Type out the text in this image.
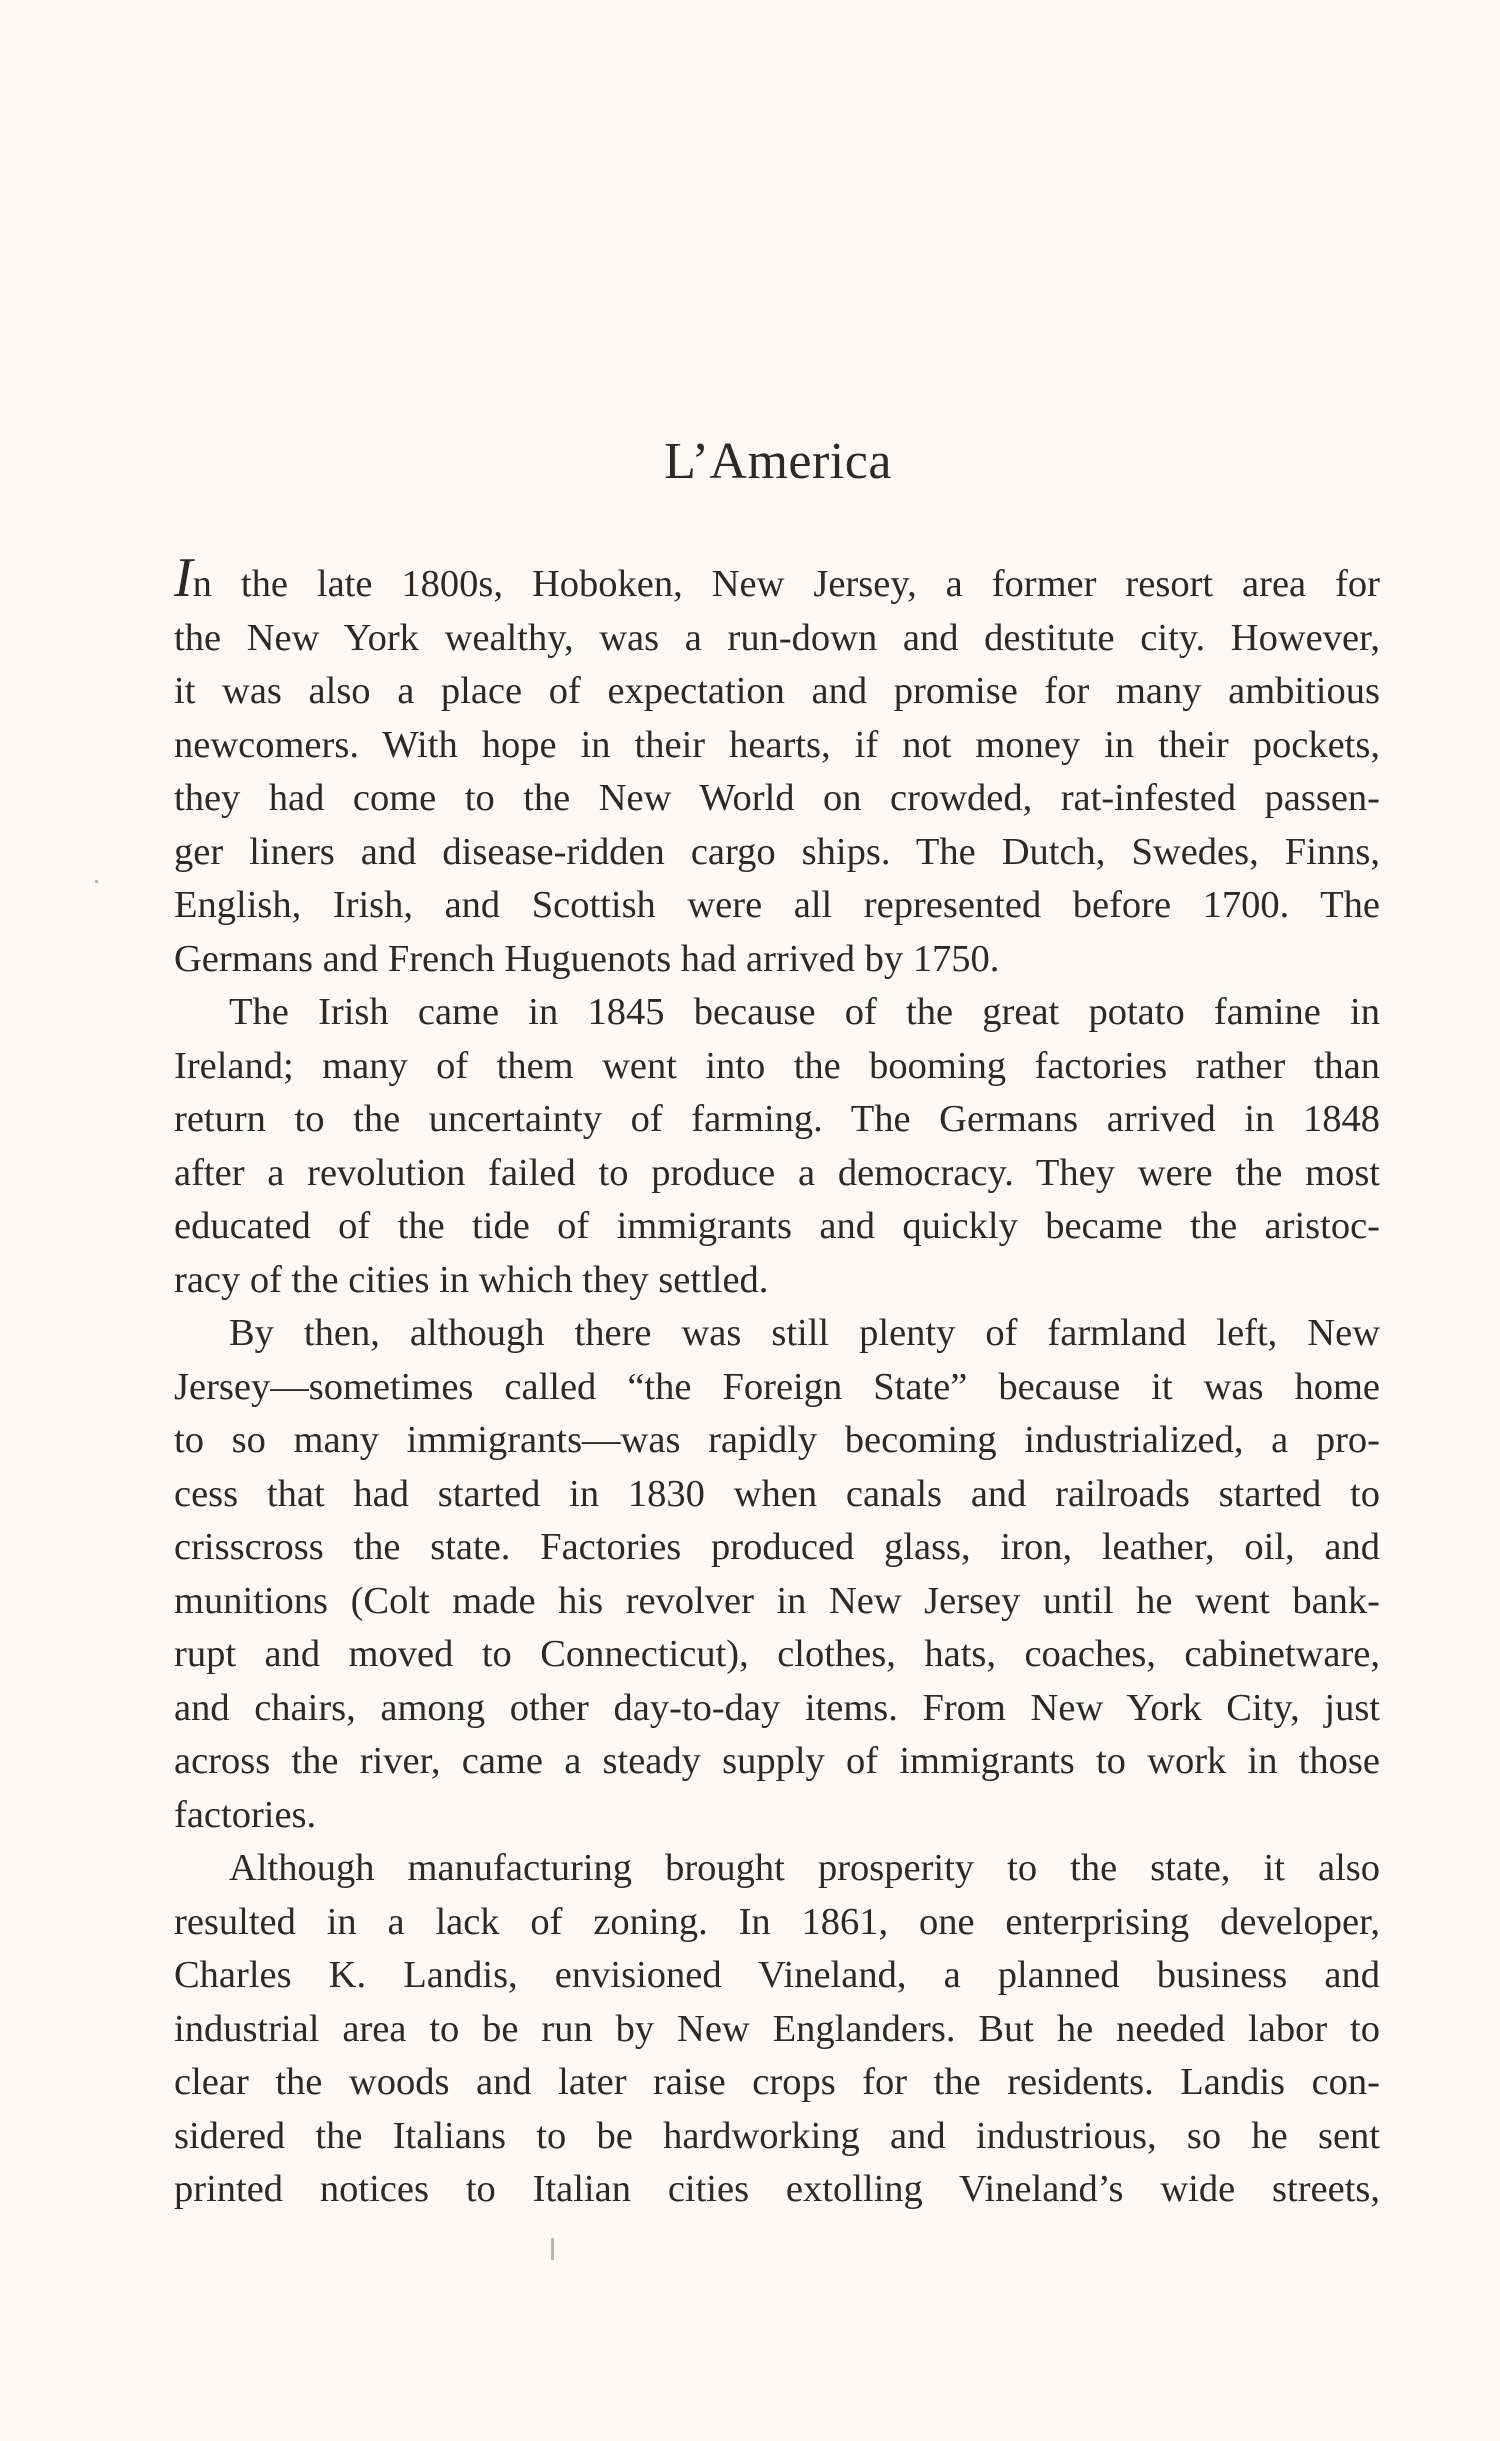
L’America
In the late 1800s, Hoboken, New Jersey, a former resort area for
the New York wealthy, was a run-down and destitute city. However,
it was also a place of expectation and promise for many ambitious
newcomers. With hope in their hearts, if not money in their pockets,
they had come to the New World on crowded, rat-infested passen-
ger liners and disease-ridden cargo ships. The Dutch, Swedes, Finns,
English, Irish, and Scottish were all represented before 1700. The
Germans and French Huguenots had arrived by 1750.
The Irish came in 1845 because of the great potato famine in
Ireland; many of them went into the booming factories rather than
return to the uncertainty of farming. The Germans arrived in 1848
after a revolution failed to produce a democracy. They were the most
educated of the tide of immigrants and quickly became the aristoc-
racy of the cities in which they settled.
By then, although there was still plenty of farmland left, New
Jersey—sometimes called “the Foreign State” because it was home
to so many immigrants—was rapidly becoming industrialized, a pro-
cess that had started in 1830 when canals and railroads started to
crisscross the state. Factories produced glass, iron, leather, oil, and
munitions (Colt made his revolver in New Jersey until he went bank-
rupt and moved to Connecticut), clothes, hats, coaches, cabinetware,
and chairs, among other day-to-day items. From New York City, just
across the river, came a steady supply of immigrants to work in those
factories.
Although manufacturing brought prosperity to the state, it also
resulted in a lack of zoning. In 1861, one enterprising developer,
Charles K. Landis, envisioned Vineland, a planned business and
industrial area to be run by New Englanders. But he needed labor to
clear the woods and later raise crops for the residents. Landis con-
sidered the Italians to be hardworking and industrious, so he sent
printed notices to Italian cities extolling Vineland’s wide streets,
